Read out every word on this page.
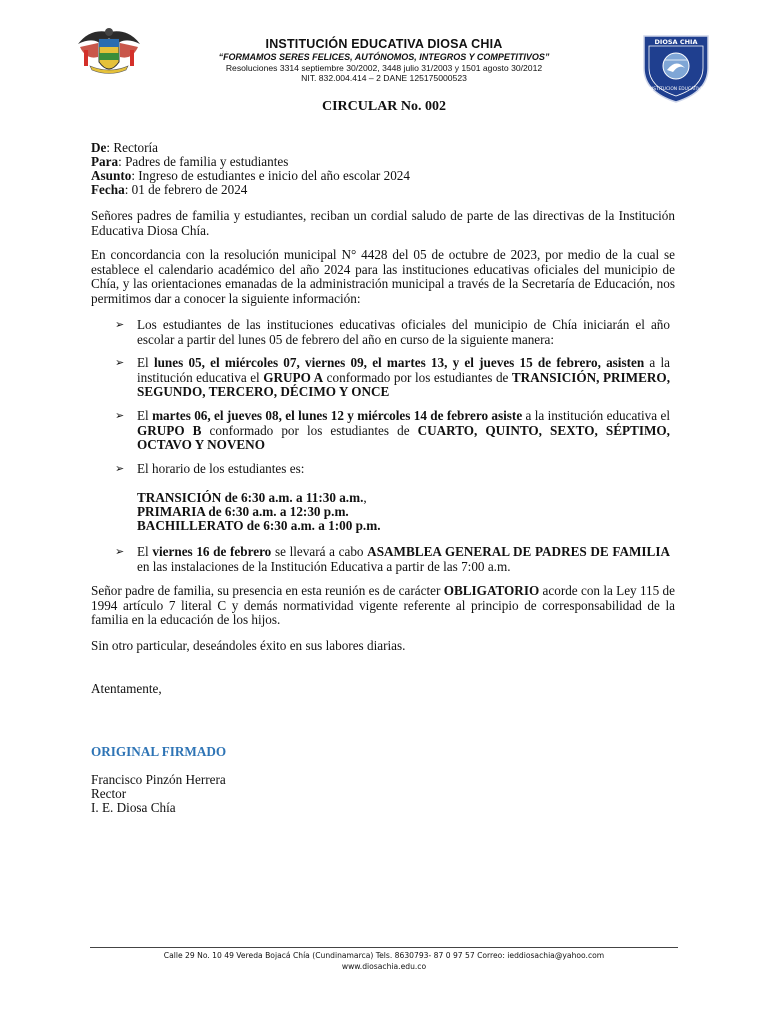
DIOSA CHIA
INSTITUCION EDUCATIVA
INSTITUCIÓN EDUCATIVA DIOSA CHIA
“FORMAMOS SERES FELICES, AUTÓNOMOS, INTEGROS Y COMPETITIVOS”
Resoluciones 3314 septiembre 30/2002, 3448 julio 31/2003 y 1501 agosto 30/2012
NIT. 832.004.414 – 2 DANE 125175000523
CIRCULAR No. 002
De: Rectoría
Para: Padres de familia y estudiantes
Asunto: Ingreso de estudiantes e inicio del año escolar 2024
Fecha: 01 de febrero de 2024
Señores padres de familia y estudiantes, reciban un cordial saludo de parte de las directivas de la Institución Educativa Diosa Chía.
En concordancia con la resolución municipal N° 4428 del 05 de octubre de 2023, por medio de la cual se establece el calendario académico del año 2024 para las instituciones educativas oficiales del municipio de Chía, y las orientaciones emanadas de la administración municipal a través de la Secretaría de Educación, nos permitimos dar a conocer la siguiente información:
➢ Los estudiantes de las instituciones educativas oficiales del municipio de Chía iniciarán el año escolar a partir del lunes 05 de febrero del año en curso de la siguiente manera:
➢ El lunes 05, el miércoles 07, viernes 09, el martes 13, y el jueves 15 de febrero, asisten a la institución educativa el GRUPO A conformado por los estudiantes de TRANSICIÓN, PRIMERO, SEGUNDO, TERCERO, DÉCIMO Y ONCE
➢ El martes 06, el jueves 08, el lunes 12 y miércoles 14 de febrero asiste a la institución educativa el GRUPO B conformado por los estudiantes de CUARTO, QUINTO, SEXTO, SÉPTIMO, OCTAVO Y NOVENO
➢ El horario de los estudiantes es:
TRANSICIÓN de 6:30 a.m. a 11:30 a.m.,
PRIMARIA de 6:30 a.m. a 12:30 p.m.
BACHILLERATO de 6:30 a.m. a 1:00 p.m.
➢ El viernes 16 de febrero se llevará a cabo ASAMBLEA GENERAL DE PADRES DE FAMILIA en las instalaciones de la Institución Educativa a partir de las 7:00 a.m.
Señor padre de familia, su presencia en esta reunión es de carácter OBLIGATORIO acorde con la Ley 115 de 1994 artículo 7 literal C y demás normatividad vigente referente al principio de corresponsabilidad de la familia en la educación de los hijos.
Sin otro particular, deseándoles éxito en sus labores diarias.
Atentamente,
ORIGINAL FIRMADO
Francisco Pinzón Herrera
Rector
I. E. Diosa Chía
Calle 29 No. 10 49 Vereda Bojacá Chía (Cundinamarca) Tels. 8630793- 87 0 97 57 Correo: ieddiosachia@yahoo.com
www.diosachia.edu.co
